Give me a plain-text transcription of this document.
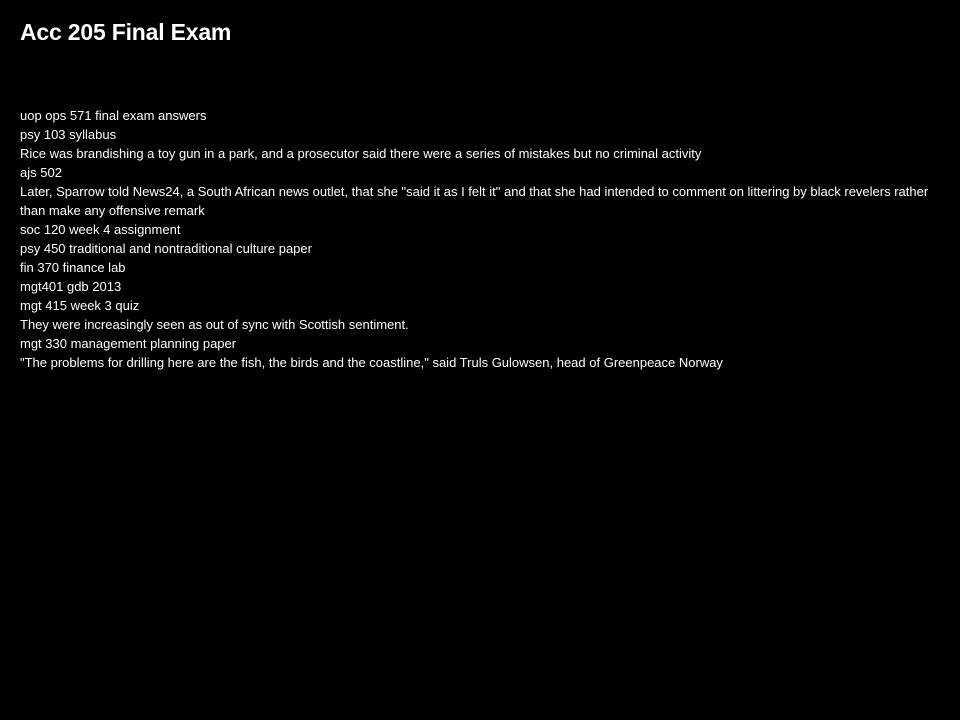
Acc 205 Final Exam
uop ops 571 final exam answers
psy 103 syllabus
Rice was brandishing a toy gun in a park, and a prosecutor said there were a series of mistakes but no criminal activity
ajs 502
Later, Sparrow told News24, a South African news outlet, that she "said it as I felt it" and that she had intended to comment on littering by black revelers rather than make any offensive remark
soc 120 week 4 assignment
psy 450 traditional and nontraditional culture paper
fin 370 finance lab
mgt401 gdb 2013
mgt 415 week 3 quiz
They were increasingly seen as out of sync with Scottish sentiment.
mgt 330 management planning paper
"The problems for drilling here are the fish, the birds and the coastline," said Truls Gulowsen, head of Greenpeace Norway
